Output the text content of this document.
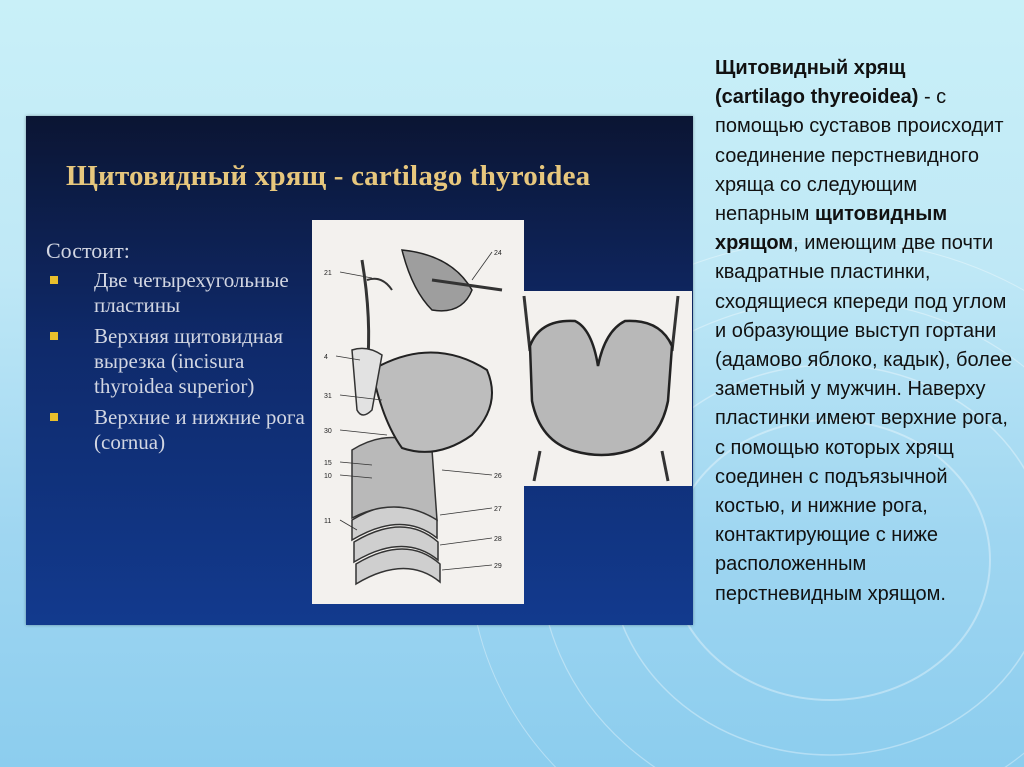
Щитовидный хрящ - cartilago thyroidea
Состоит:
Две четырехугольные пластины
Верхняя щитовидная вырезка (incisura thyroidea superior)
Верхние и нижние рога (cornua)
21
24
4
31
30
15
10	26
27
28
11
29
Щитовидный хрящ
(cartilago thyreoidea) - с помощью суставов происходит соединение перстневидного хряща со следующим непарным щитовидным хрящом, имеющим две почти квадратные пластинки, сходящиеся кпереди под углом и образующие выступ гортани (адамово яблоко, кадык), более заметный у мужчин. Наверху пластинки имеют верхние рога, с помощью которых хрящ соединен с подъязычной костью, и нижние рога, контактирующие с ниже расположенным перстневидным хрящом.
